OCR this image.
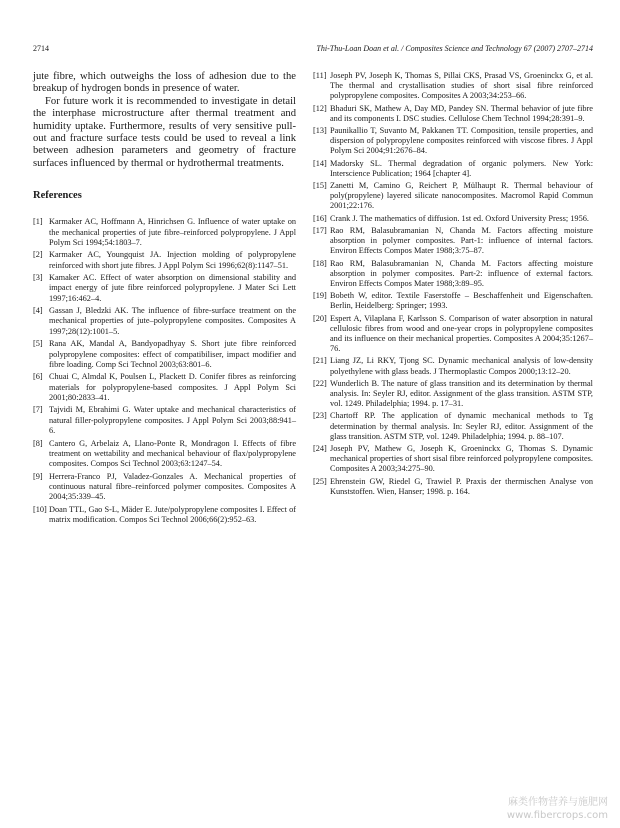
2714	Thi-Thu-Loan Doan et al. / Composites Science and Technology 67 (2007) 2707–2714

jute fibre, which outweighs the loss of adhesion due to the breakup of hydrogen bonds in presence of water.

For future work it is recommended to investigate in detail the interphase microstructure after thermal treatment and humidity uptake. Furthermore, results of very sensitive pull-out and fracture surface tests could be used to reveal a link between adhesion parameters and geometry of fracture surfaces influenced by thermal or hydrothermal treatments.

References
[1] Karmaker AC, Hoffmann A, Hinrichsen G. Influence of water uptake on the mechanical properties of jute fibre–reinforced polypropylene. J Appl Polym Sci 1994;54:1803–7.
[2] Karmaker AC, Youngquist JA. Injection molding of polypropylene reinforced with short jute fibres. J Appl Polym Sci 1996;62(8):1147–51.
[3] Kamaker AC. Effect of water absorption on dimensional stability and impact energy of jute fibre reinforced polypropylene. J Mater Sci Lett 1997;16:462–4.
[4] Gassan J, Bledzki AK. The influence of fibre-surface treatment on the mechanical properties of jute–polypropylene composites. Composites A 1997;28(12):1001–5.
[5] Rana AK, Mandal A, Bandyopadhyay S. Short jute fibre reinforced polypropylene composites: effect of compatibiliser, impact modifier and fibre loading. Comp Sci Technol 2003;63:801–6.
[6] Chuai C, Almdal K, Poulsen L, Plackett D. Conifer fibres as reinforcing materials for polypropylene-based composites. J Appl Polym Sci 2001;80:2833–41.
[7] Tajvidi M, Ebrahimi G. Water uptake and mechanical characteristics of natural filler-polypropylene composites. J Appl Polym Sci 2003;88:941–6.
[8] Cantero G, Arbelaiz A, Llano-Ponte R, Mondragon I. Effects of fibre treatment on wettability and mechanical behaviour of flax/polypropylene composites. Compos Sci Technol 2003;63:1247–54.
[9] Herrera-Franco PJ, Valadez-Gonzales A. Mechanical properties of continuous natural fibre–reinforced polymer composites. Composites A 2004;35:339–45.
[10] Doan TTL, Gao S-L, Mäder E. Jute/polypropylene composites I. Effect of matrix modification. Compos Sci Technol 2006;66(2):952–63.
[11] Joseph PV, Joseph K, Thomas S, Pillai CKS, Prasad VS, Groeninckx G, et al. The thermal and crystallisation studies of short sisal fibre reinforced polypropylene composites. Composites A 2003;34:253–66.
[12] Bhaduri SK, Mathew A, Day MD, Pandey SN. Thermal behavior of jute fibre and its components I. DSC studies. Cellulose Chem Technol 1994;28:391–9.
[13] Paunikallio T, Suvanto M, Pakkanen TT. Composition, tensile properties, and dispersion of polypropylene composites reinforced with viscose fibres. J Appl Polym Sci 2004;91:2676–84.
[14] Madorsky SL. Thermal degradation of organic polymers. New York: Interscience Publication; 1964 [chapter 4].
[15] Zanetti M, Camino G, Reichert P, Mülhaupt R. Thermal behaviour of poly(propylene) layered silicate nanocomposites. Macromol Rapid Commun 2001;22:176.
[16] Crank J. The mathematics of diffusion. 1st ed. Oxford University Press; 1956.
[17] Rao RM, Balasubramanian N, Chanda M. Factors affecting moisture absorption in polymer composites. Part-1: influence of internal factors. Environ Effects Compos Mater 1988;3:75–87.
[18] Rao RM, Balasubramanian N, Chanda M. Factors affecting moisture absorption in polymer composites. Part-2: influence of external factors. Environ Effects Compos Mater 1988;3:89–95.
[19] Bobeth W, editor. Textile Faserstoffe – Beschaffenheit und Eigenschaften. Berlin, Heidelberg: Springer; 1993.
[20] Espert A, Vilaplana F, Karlsson S. Comparison of water absorption in natural cellulosic fibres from wood and one-year crops in polypropylene composites and its influence on their mechanical properties. Composites A 2004;35:1267–76.
[21] Liang JZ, Li RKY, Tjong SC. Dynamic mechanical analysis of low-density polyethylene with glass beads. J Thermoplastic Compos 2000;13:12–20.
[22] Wunderlich B. The nature of glass transition and its determination by thermal analysis. In: Seyler RJ, editor. Assignment of the glass transition. ASTM STP, vol. 1249. Philadelphia; 1994. p. 17–31.
[23] Chartoff RP. The application of dynamic mechanical methods to Tg determination by thermal analysis. In: Seyler RJ, editor. Assignment of the glass transition. ASTM STP, vol. 1249. Philadelphia; 1994. p. 88–107.
[24] Joseph PV, Mathew G, Joseph K, Groeninckx G, Thomas S. Dynamic mechanical properties of short sisal fibre reinforced polypropylene composites. Composites A 2003;34:275–90.
[25] Ehrenstein GW, Riedel G, Trawiel P. Praxis der thermischen Analyse von Kunststoffen. Wien, Hanser; 1998. p. 164.
麻类作物营养与施肥网
www.fibercrops.com
